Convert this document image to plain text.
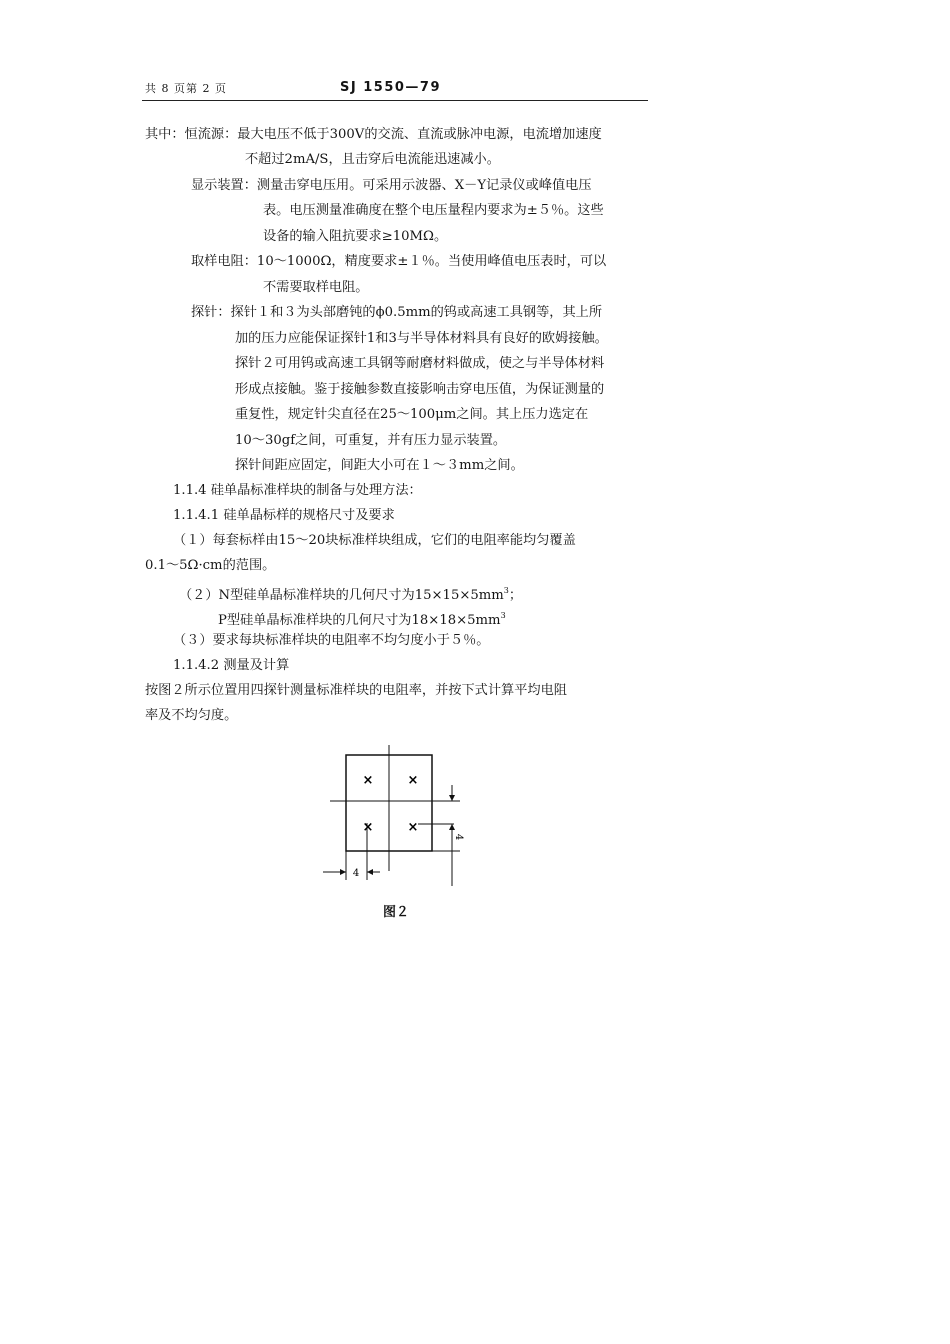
共 8 页第 2 页	SJ 1550—79
其中：恒流源：最大电压不低于300V的交流、直流或脉冲电源，电流增加速度
不超过2mA/S，且击穿后电流能迅速减小。
显示装置：测量击穿电压用。可采用示波器、X－Y记录仪或峰值电压
表。电压测量准确度在整个电压量程内要求为±５％。这些
设备的输入阻抗要求≥10MΩ。
取样电阻：10～1000Ω，精度要求±１％。当使用峰值电压表时，可以
不需要取样电阻。
探针：探针１和３为头部磨钝的ϕ0.5mm的钨或高速工具钢等，其上所
加的压力应能保证探针1和3与半导体材料具有良好的欧姆接触。
探针２可用钨或高速工具钢等耐磨材料做成，使之与半导体材料
形成点接触。鉴于接触参数直接影响击穿电压值，为保证测量的
重复性，规定针尖直径在25～100μm之间。其上压力选定在
10～30gf之间，可重复，并有压力显示装置。
探针间距应固定，间距大小可在１～３mm之间。
1.1.4 硅单晶标准样块的制备与处理方法：
1.1.4.1 硅单晶标样的规格尺寸及要求
（１）每套标样由15～20块标准样块组成，它们的电阻率能均匀覆盖
0.1～5Ω·cm的范围。
（２）N型硅单晶标准样块的几何尺寸为$15\times 15\times 5mm^3$；
P型硅单晶标准样块的几何尺寸为$18\times 18\times 5mm^3$
（３）要求每块标准样块的电阻率不均匀度小于５％。
1.1.4.2 测量及计算
按图２所示位置用四探针测量标准样块的电阻率，并按下式计算平均电阻
率及不均匀度。
×	×
×	×
4
4
图２
